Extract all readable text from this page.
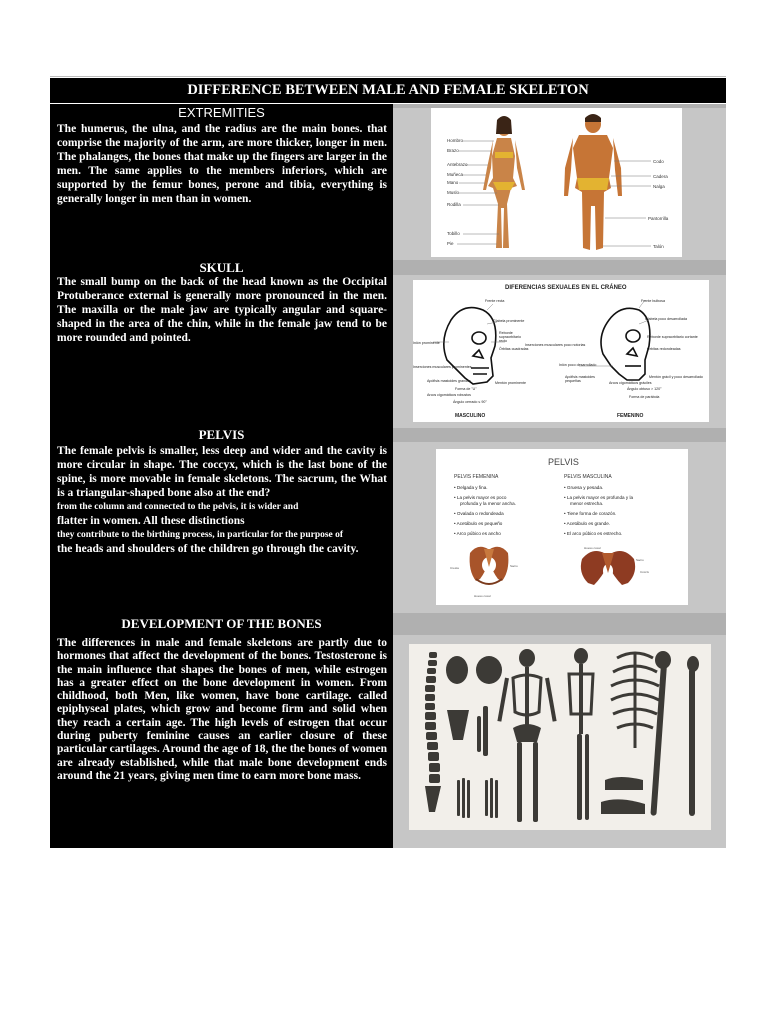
DIFFERENCE BETWEEN MALE AND FEMALE SKELETON
EXTREMITIES

The humerus, the ulna, and the radius are the main bones. that comprise the majority of the arm, are more thicker, longer in men. The phalanges, the bones that make up the fingers are larger in the men. The same applies to the members inferiors, which are supported by the femur bones, perone and tibia, everything is generally longer in men than in women.

Hombro
Brazo
Antebrazo
Muñeca
Mano
Muslo
Rodilla
Tobillo
Pie
Codo
Cadera
Nalga
Pantorrilla
Talón
SKULL

The small bump on the back of the head known as the Occipital Protuberance external is generally more pronounced in the men. The maxilla or the male jaw are typically angular and square-shaped in the area of the chin, while in the female jaw tend to be more rounded and pointed.

DIFERENCIAS SEXUALES EN EL CRÁNEO
Frente recta
Glabela prominente
Reborde
supraorbitario
recto
Órbitas cuadradas
Inión prominente
Inserciones musculares prominentes
Apófisis mastoides grandes	Mentón prominente
Forma de "U"
Arcos cigomáticos robustos
Ángulo cerrado ≤ 90°
Inserciones musculares poco notorias
Frente bulbosa
Glabela poco desarrollada
Reborde supraorbitario cortante
Órbitas redondeadas
Inión poco desarrollado
Apófisis mastoides
pequeñas
Mentón grácil y poco desarrollado
Arcos cigomáticos gráciles
Ángulo obtuso > 120°
Forma de parábola
MASCULINO	FEMENINO
PELVIS

The female pelvis is smaller, less deep and wider and the cavity is more circular in shape. The coccyx, which is the last bone of the spine, is more movable in female skeletons. The sacrum, the What is a triangular-shaped bone also at the end?

from the column and connected to the pelvis, it is wider and

flatter in women. All these distinctions

they contribute to the birthing process, in particular for the purpose of

the heads and shoulders of the children go through the cavity.

PELVIS
PELVIS FEMENINA	PELVIS MASCULINA
• Delgada y fina.
• La pelvis mayor es poco
profunda y la menor ancha.
• Ovalada o redondeada
• Acetábulo es pequeño
• Arco púbico es ancho
• Gruesa y pesada.
• La pelvis mayor es profunda y la
menor estrecha.
• Tiene forma de corazón.
• Acetábulo es grande.
• El arco púbico es estrecho.
Cresta	Sacro
Hueso coxal
Hueso coxal
Sacro
Cóccix
DEVELOPMENT OF THE BONES

The differences in male and female skeletons are partly due to hormones that affect the development of the bones. Testosterone is the main influence that shapes the bones of men, while estrogen has a greater effect on the bone development in women. From childhood, both Men, like women, have bone cartilage. called epiphyseal plates, which grow and become firm and solid when they reach a certain age. The high levels of estrogen that occur during puberty feminine causes an earlier closure of these particular cartilages. Around the age of 18, the the bones of women are already established, while that male bone development ends around the 21 years, giving men time to earn more bone mass.
